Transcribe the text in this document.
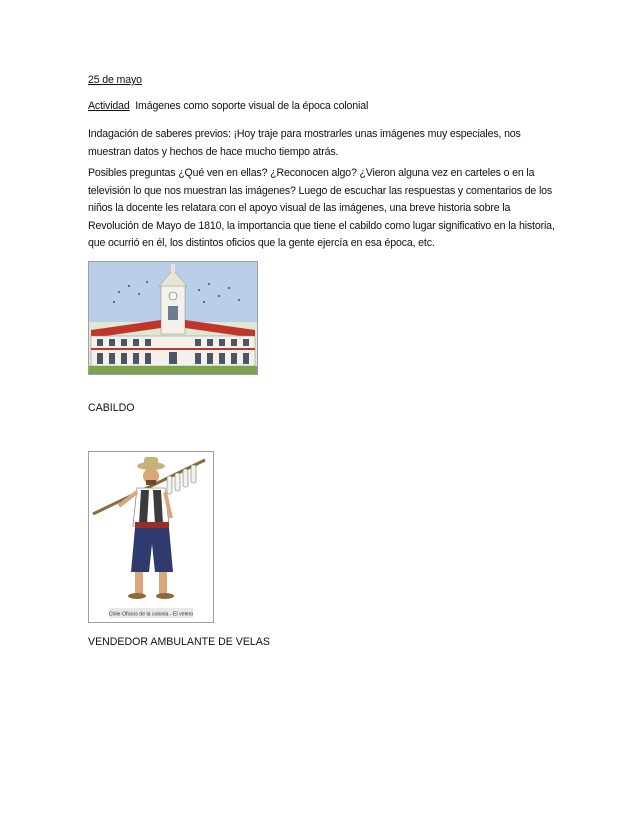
25 de mayo
Actividad Imágenes como soporte visual de la época colonial
Indagación de saberes previos: ¡Hoy traje para mostrarles unas imágenes muy especiales, nos muestran datos y hechos de hace mucho tiempo atrás.
Posibles preguntas ¿Qué ven en ellas? ¿Reconocen algo? ¿Vieron alguna vez en carteles o en la televisión lo que nos muestran las imágenes? Luego de escuchar las respuestas y comentarios de los niños la docente les relatara con el apoyo visual de las imágenes, una breve historia sobre la Revolución de Mayo de 1810, la importancia que tiene el cabildo como lugar significativo en la historia, que ocurrió en él, los distintos oficios que la gente ejercía en esa época, etc.
CABILDO
Chile Oficios de la colonia - El velero
VENDEDOR AMBULANTE DE VELAS
